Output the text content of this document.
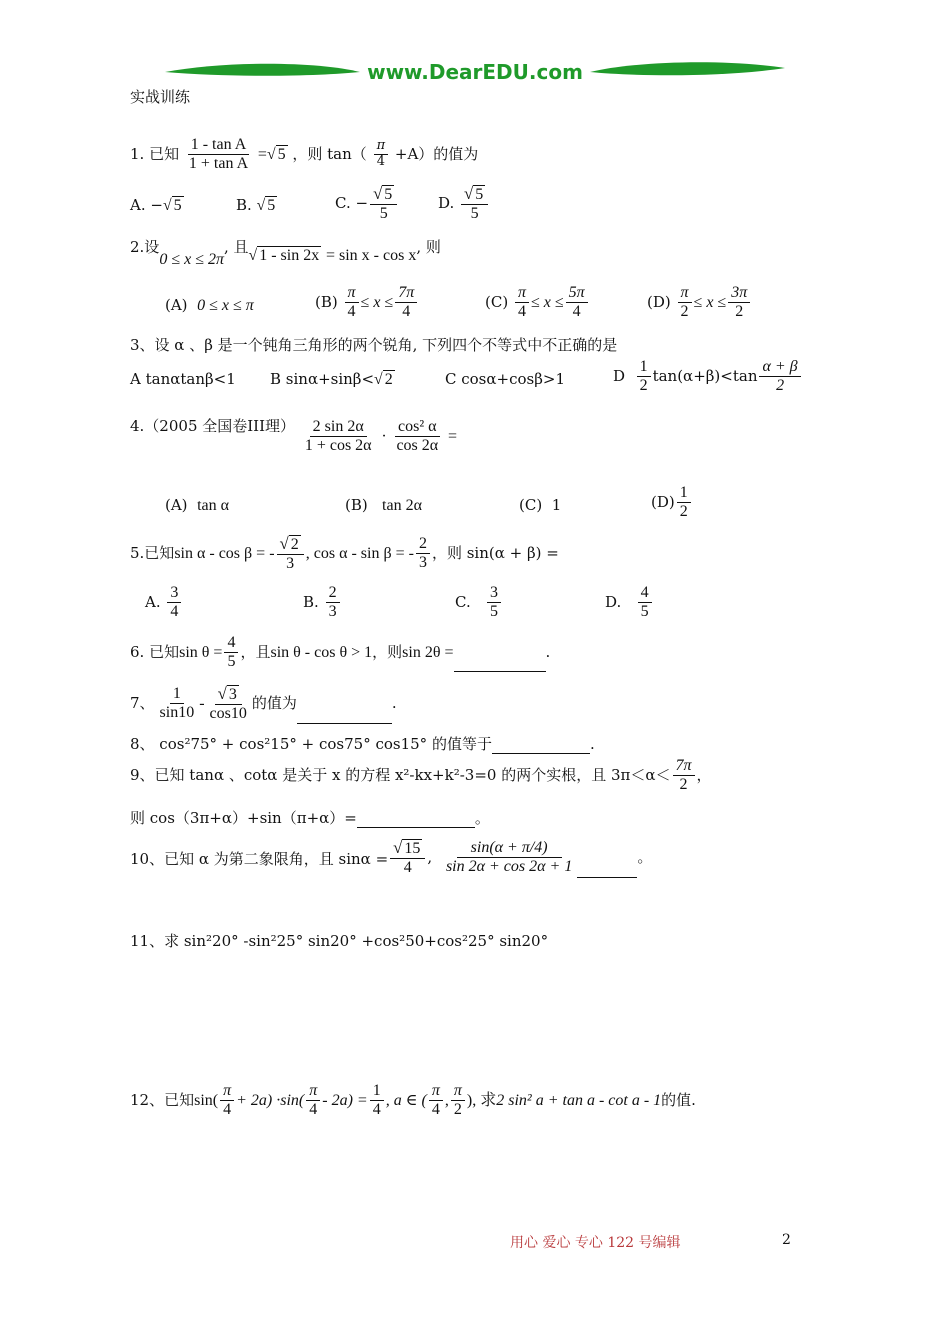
www.DearEDU.com
实战训练
1. 已知 $\frac{\text{1 - tan A}}{\text{1 + tan A}}$ =√ 5 ，则 $\tan( \frac{\pi}{4} +A)$的值为
A. −√ 5	B. √ 5	C. − $\frac{√ 5}{5}$	D. $\frac{√ 5}{5}$
2.设0 ≤ x ≤ 2π, 且√ 1 - sin 2x = sin x - cos x, 则
(A) 0 ≤ x ≤ π	$(B) \frac{\pi}{4} \le x \le \frac{7\pi}{4}$	$(C) \frac{\pi}{4} \le x \le \frac{5\pi}{4}$	$(D) \frac{\pi}{2} \le x \le \frac{3\pi}{2}$
3、设 α 、β 是一个钝角三角形的两个锐角, 下列四个不等式中不正确的是
A tanαtanβ<1 B sinα+sinβ<√ 2	C cosα+cosβ>1	D $\frac{1}{2} \tan(\alpha+\beta)<\tan \frac{\alpha + \beta}{2}$
4.（2005 全国卷III理） $\frac{2 \sin 2\alpha}{1 + \cos 2\alpha} \cdot \frac{\text{cos² α}}{\cos 2\alpha}$ =
(A) tan α	(B) tan 2α	(C) 1	$(D) \frac{1}{2}$
5.已知sin α - cos β = - $\frac{√ 2}{3}$ , cos α - sin β = - $\frac{2}{3}$ ，则 sin(α + β) =
A. $\frac{3}{4}$	B. $\frac{2}{3}$	C. $\frac{3}{5}$	D. $\frac{4}{5}$
6. 已知$\sin \theta = \frac{4}{5}$ ，且sin θ - cos θ > 1，则sin 2θ =	.
7、 $\frac{1}{\sin 10} - \frac{√ 3}{\cos 10}$ 的值为	.
8、 cos²75° + cos²15° + cos75° cos15° 的值等于	.
9、已知 tanα 、cotα 是关于 x 的方程 x²-kx+k²-3=0 的两个实根，且 $3\pi<\alpha< \frac{7\pi}{2}$ ，
则 cos（3π+α）+sin（π+α）=	。
10、已知 α 为第二象限角，且 $\sin\alpha = \frac{√ 15}{4}$ , $\frac{\sin(\alpha + \pi/4)}{\sin 2\alpha + \cos 2\alpha + 1}$	。
11、求 sin²20° -sin²25° sin20° +cos²50+cos²25° sin20°
12、已知$\sin( \frac{\pi}{4} + 2a) \cdot\sin( \frac{\pi}{4} - 2a) = \frac{1}{4}$ , a ∈ ( $\frac{\pi}{4}$ , $\frac{\pi}{2}$ ), 求2 sin² a + tan a - cot a - 1的值.
用心 爱心 专心 122 号编辑	2
